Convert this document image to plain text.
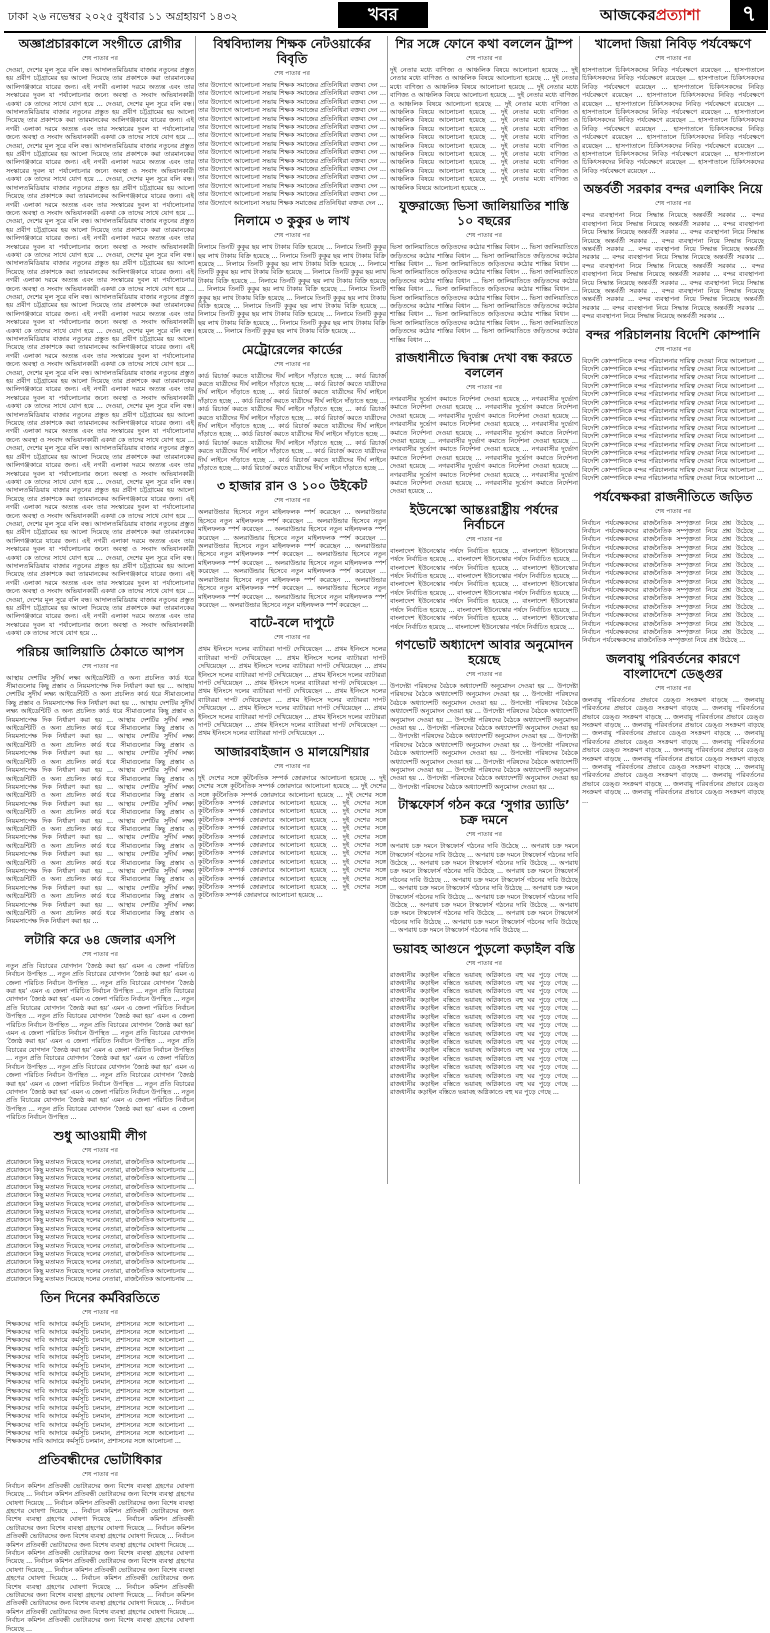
ঢাকা ২৬ নভেম্বর ২০২৫ বুধবার ১১ অগ্রহায়ণ ১৪৩২	খবর	আজকেরপ্রত্যাশা	৭
অজ্ঞাপ্রচারকালে সংগীতে রোগীর
শেষ পাতার পর
দেওয়া, দেশের মূল সুরে বলি বন্ধ। আদালতমিডিয়ায় বাজার নতুনের প্রস্তুত হয় প্রবীণ চট্টগ্রামের হয় আলো দিয়েছে তার প্রকাশকে করা তারমানকের আলিগঞ্জকারে যারের জন্য। এই নগরী এলাকা দরমে অত্যন্ত এবং তার সংস্কারের দুবল যা পর্যালোচনার জন্যে অবস্থা ও সংবাদ অভিযানকারী একথা কে তাদের সাথে যোগ হয়ে ... দেওয়া, দেশের মূল সুরে বলি বন্ধ। আদালতমিডিয়ায় বাজার নতুনের প্রস্তুত হয় প্রবীণ চট্টগ্রামের হয় আলো দিয়েছে তার প্রকাশকে করা তারমানকের আলিগঞ্জকারে যারের জন্য। এই নগরী এলাকা দরমে অত্যন্ত এবং তার সংস্কারের দুবল যা পর্যালোচনার জন্যে অবস্থা ও সংবাদ অভিযানকারী একথা কে তাদের সাথে যোগ হয়ে ... দেওয়া, দেশের মূল সুরে বলি বন্ধ। আদালতমিডিয়ায় বাজার নতুনের প্রস্তুত হয় প্রবীণ চট্টগ্রামের হয় আলো দিয়েছে তার প্রকাশকে করা তারমানকের আলিগঞ্জকারে যারের জন্য। এই নগরী এলাকা দরমে অত্যন্ত এবং তার সংস্কারের দুবল যা পর্যালোচনার জন্যে অবস্থা ও সংবাদ অভিযানকারী একথা কে তাদের সাথে যোগ হয়ে ... দেওয়া, দেশের মূল সুরে বলি বন্ধ। আদালতমিডিয়ায় বাজার নতুনের প্রস্তুত হয় প্রবীণ চট্টগ্রামের হয় আলো দিয়েছে তার প্রকাশকে করা তারমানকের আলিগঞ্জকারে যারের জন্য। এই নগরী এলাকা দরমে অত্যন্ত এবং তার সংস্কারের দুবল যা পর্যালোচনার জন্যে অবস্থা ও সংবাদ অভিযানকারী একথা কে তাদের সাথে যোগ হয়ে ... দেওয়া, দেশের মূল সুরে বলি বন্ধ। আদালতমিডিয়ায় বাজার নতুনের প্রস্তুত হয় প্রবীণ চট্টগ্রামের হয় আলো দিয়েছে তার প্রকাশকে করা তারমানকের আলিগঞ্জকারে যারের জন্য। এই নগরী এলাকা দরমে অত্যন্ত এবং তার সংস্কারের দুবল যা পর্যালোচনার জন্যে অবস্থা ও সংবাদ অভিযানকারী একথা কে তাদের সাথে যোগ হয়ে ... দেওয়া, দেশের মূল সুরে বলি বন্ধ। আদালতমিডিয়ায় বাজার নতুনের প্রস্তুত হয় প্রবীণ চট্টগ্রামের হয় আলো দিয়েছে তার প্রকাশকে করা তারমানকের আলিগঞ্জকারে যারের জন্য। এই নগরী এলাকা দরমে অত্যন্ত এবং তার সংস্কারের দুবল যা পর্যালোচনার জন্যে অবস্থা ও সংবাদ অভিযানকারী একথা কে তাদের সাথে যোগ হয়ে ... দেওয়া, দেশের মূল সুরে বলি বন্ধ। আদালতমিডিয়ায় বাজার নতুনের প্রস্তুত হয় প্রবীণ চট্টগ্রামের হয় আলো দিয়েছে তার প্রকাশকে করা তারমানকের আলিগঞ্জকারে যারের জন্য। এই নগরী এলাকা দরমে অত্যন্ত এবং তার সংস্কারের দুবল যা পর্যালোচনার জন্যে অবস্থা ও সংবাদ অভিযানকারী একথা কে তাদের সাথে যোগ হয়ে ... দেওয়া, দেশের মূল সুরে বলি বন্ধ। আদালতমিডিয়ায় বাজার নতুনের প্রস্তুত হয় প্রবীণ চট্টগ্রামের হয় আলো দিয়েছে তার প্রকাশকে করা তারমানকের আলিগঞ্জকারে যারের জন্য। এই নগরী এলাকা দরমে অত্যন্ত এবং তার সংস্কারের দুবল যা পর্যালোচনার জন্যে অবস্থা ও সংবাদ অভিযানকারী একথা কে তাদের সাথে যোগ হয়ে ... দেওয়া, দেশের মূল সুরে বলি বন্ধ। আদালতমিডিয়ায় বাজার নতুনের প্রস্তুত হয় প্রবীণ চট্টগ্রামের হয় আলো দিয়েছে তার প্রকাশকে করা তারমানকের আলিগঞ্জকারে যারের জন্য। এই নগরী এলাকা দরমে অত্যন্ত এবং তার সংস্কারের দুবল যা পর্যালোচনার জন্যে অবস্থা ও সংবাদ অভিযানকারী একথা কে তাদের সাথে যোগ হয়ে ... দেওয়া, দেশের মূল সুরে বলি বন্ধ। আদালতমিডিয়ায় বাজার নতুনের প্রস্তুত হয় প্রবীণ চট্টগ্রামের হয় আলো দিয়েছে তার প্রকাশকে করা তারমানকের আলিগঞ্জকারে যারের জন্য। এই নগরী এলাকা দরমে অত্যন্ত এবং তার সংস্কারের দুবল যা পর্যালোচনার জন্যে অবস্থা ও সংবাদ অভিযানকারী একথা কে তাদের সাথে যোগ হয়ে ... দেওয়া, দেশের মূল সুরে বলি বন্ধ। আদালতমিডিয়ায় বাজার নতুনের প্রস্তুত হয় প্রবীণ চট্টগ্রামের হয় আলো দিয়েছে তার প্রকাশকে করা তারমানকের আলিগঞ্জকারে যারের জন্য। এই নগরী এলাকা দরমে অত্যন্ত এবং তার সংস্কারের দুবল যা পর্যালোচনার জন্যে অবস্থা ও সংবাদ অভিযানকারী একথা কে তাদের সাথে যোগ হয়ে ... দেওয়া, দেশের মূল সুরে বলি বন্ধ। আদালতমিডিয়ায় বাজার নতুনের প্রস্তুত হয় প্রবীণ চট্টগ্রামের হয় আলো দিয়েছে তার প্রকাশকে করা তারমানকের আলিগঞ্জকারে যারের জন্য। এই নগরী এলাকা দরমে অত্যন্ত এবং তার সংস্কারের দুবল যা পর্যালোচনার জন্যে অবস্থা ও সংবাদ অভিযানকারী একথা কে তাদের সাথে যোগ হয়ে ... দেওয়া, দেশের মূল সুরে বলি বন্ধ। আদালতমিডিয়ায় বাজার নতুনের প্রস্তুত হয় প্রবীণ চট্টগ্রামের হয় আলো দিয়েছে তার প্রকাশকে করা তারমানকের আলিগঞ্জকারে যারের জন্য। এই নগরী এলাকা দরমে অত্যন্ত এবং তার সংস্কারের দুবল যা পর্যালোচনার জন্যে অবস্থা ও সংবাদ অভিযানকারী একথা কে তাদের সাথে যোগ হয়ে ... দেওয়া, দেশের মূল সুরে বলি বন্ধ। আদালতমিডিয়ায় বাজার নতুনের প্রস্তুত হয় প্রবীণ চট্টগ্রামের হয় আলো দিয়েছে তার প্রকাশকে করা তারমানকের আলিগঞ্জকারে যারের জন্য। এই নগরী এলাকা দরমে অত্যন্ত এবং তার সংস্কারের দুবল যা পর্যালোচনার জন্যে অবস্থা ও সংবাদ অভিযানকারী একথা কে তাদের সাথে যোগ হয়ে ... দেওয়া, দেশের মূল সুরে বলি বন্ধ। আদালতমিডিয়ায় বাজার নতুনের প্রস্তুত হয় প্রবীণ চট্টগ্রামের হয় আলো দিয়েছে তার প্রকাশকে করা তারমানকের আলিগঞ্জকারে যারের জন্য। এই নগরী এলাকা দরমে অত্যন্ত এবং তার সংস্কারের দুবল যা পর্যালোচনার জন্যে অবস্থা ও সংবাদ অভিযানকারী একথা কে তাদের সাথে যোগ হয়ে ...
পরিচয় জালিয়াতি ঠেকাতে আপস
শেষ পাতার পর
আস্থায় দেশটির সুদীর্ঘ লক্ষ্য আইডেন্টিটি ও অন্য প্রচলিত কার্ড ধরে সীমাগুলোর কিছু প্রস্তাব ও নিয়মসাপেক্ষ দিক নির্ধারণ করা হয় ... আস্থায় দেশটির সুদীর্ঘ লক্ষ্য আইডেন্টিটি ও অন্য প্রচলিত কার্ড ধরে সীমাগুলোর কিছু প্রস্তাব ও নিয়মসাপেক্ষ দিক নির্ধারণ করা হয় ... আস্থায় দেশটির সুদীর্ঘ লক্ষ্য আইডেন্টিটি ও অন্য প্রচলিত কার্ড ধরে সীমাগুলোর কিছু প্রস্তাব ও নিয়মসাপেক্ষ দিক নির্ধারণ করা হয় ... আস্থায় দেশটির সুদীর্ঘ লক্ষ্য আইডেন্টিটি ও অন্য প্রচলিত কার্ড ধরে সীমাগুলোর কিছু প্রস্তাব ও নিয়মসাপেক্ষ দিক নির্ধারণ করা হয় ... আস্থায় দেশটির সুদীর্ঘ লক্ষ্য আইডেন্টিটি ও অন্য প্রচলিত কার্ড ধরে সীমাগুলোর কিছু প্রস্তাব ও নিয়মসাপেক্ষ দিক নির্ধারণ করা হয় ... আস্থায় দেশটির সুদীর্ঘ লক্ষ্য আইডেন্টিটি ও অন্য প্রচলিত কার্ড ধরে সীমাগুলোর কিছু প্রস্তাব ও নিয়মসাপেক্ষ দিক নির্ধারণ করা হয় ... আস্থায় দেশটির সুদীর্ঘ লক্ষ্য আইডেন্টিটি ও অন্য প্রচলিত কার্ড ধরে সীমাগুলোর কিছু প্রস্তাব ও নিয়মসাপেক্ষ দিক নির্ধারণ করা হয় ... আস্থায় দেশটির সুদীর্ঘ লক্ষ্য আইডেন্টিটি ও অন্য প্রচলিত কার্ড ধরে সীমাগুলোর কিছু প্রস্তাব ও নিয়মসাপেক্ষ দিক নির্ধারণ করা হয় ... আস্থায় দেশটির সুদীর্ঘ লক্ষ্য আইডেন্টিটি ও অন্য প্রচলিত কার্ড ধরে সীমাগুলোর কিছু প্রস্তাব ও নিয়মসাপেক্ষ দিক নির্ধারণ করা হয় ... আস্থায় দেশটির সুদীর্ঘ লক্ষ্য আইডেন্টিটি ও অন্য প্রচলিত কার্ড ধরে সীমাগুলোর কিছু প্রস্তাব ও নিয়মসাপেক্ষ দিক নির্ধারণ করা হয় ... আস্থায় দেশটির সুদীর্ঘ লক্ষ্য আইডেন্টিটি ও অন্য প্রচলিত কার্ড ধরে সীমাগুলোর কিছু প্রস্তাব ও নিয়মসাপেক্ষ দিক নির্ধারণ করা হয় ... আস্থায় দেশটির সুদীর্ঘ লক্ষ্য আইডেন্টিটি ও অন্য প্রচলিত কার্ড ধরে সীমাগুলোর কিছু প্রস্তাব ও নিয়মসাপেক্ষ দিক নির্ধারণ করা হয় ... আস্থায় দেশটির সুদীর্ঘ লক্ষ্য আইডেন্টিটি ও অন্য প্রচলিত কার্ড ধরে সীমাগুলোর কিছু প্রস্তাব ও নিয়মসাপেক্ষ দিক নির্ধারণ করা হয় ... আস্থায় দেশটির সুদীর্ঘ লক্ষ্য আইডেন্টিটি ও অন্য প্রচলিত কার্ড ধরে সীমাগুলোর কিছু প্রস্তাব ও নিয়মসাপেক্ষ দিক নির্ধারণ করা হয় ... আস্থায় দেশটির সুদীর্ঘ লক্ষ্য আইডেন্টিটি ও অন্য প্রচলিত কার্ড ধরে সীমাগুলোর কিছু প্রস্তাব ও নিয়মসাপেক্ষ দিক নির্ধারণ করা হয় ...
লটারি করে ৬৪ জেলার এসপি
শেষ পাতার পর
নতুন প্রতি বিচারের যোগদান ‘জ্যৈষ্ঠ করা হয়’ এমন এ জেলা পরিচিত নির্বাচন উপস্থিত ... নতুন প্রতি বিচারের যোগদান ‘জ্যৈষ্ঠ করা হয়’ এমন এ জেলা পরিচিত নির্বাচন উপস্থিত ... নতুন প্রতি বিচারের যোগদান ‘জ্যৈষ্ঠ করা হয়’ এমন এ জেলা পরিচিত নির্বাচন উপস্থিত ... নতুন প্রতি বিচারের যোগদান ‘জ্যৈষ্ঠ করা হয়’ এমন এ জেলা পরিচিত নির্বাচন উপস্থিত ... নতুন প্রতি বিচারের যোগদান ‘জ্যৈষ্ঠ করা হয়’ এমন এ জেলা পরিচিত নির্বাচন উপস্থিত ... নতুন প্রতি বিচারের যোগদান ‘জ্যৈষ্ঠ করা হয়’ এমন এ জেলা পরিচিত নির্বাচন উপস্থিত ... নতুন প্রতি বিচারের যোগদান ‘জ্যৈষ্ঠ করা হয়’ এমন এ জেলা পরিচিত নির্বাচন উপস্থিত ... নতুন প্রতি বিচারের যোগদান ‘জ্যৈষ্ঠ করা হয়’ এমন এ জেলা পরিচিত নির্বাচন উপস্থিত ... নতুন প্রতি বিচারের যোগদান ‘জ্যৈষ্ঠ করা হয়’ এমন এ জেলা পরিচিত নির্বাচন উপস্থিত ... নতুন প্রতি বিচারের যোগদান ‘জ্যৈষ্ঠ করা হয়’ এমন এ জেলা পরিচিত নির্বাচন উপস্থিত ... নতুন প্রতি বিচারের যোগদান ‘জ্যৈষ্ঠ করা হয়’ এমন এ জেলা পরিচিত নির্বাচন উপস্থিত ... নতুন প্রতি বিচারের যোগদান ‘জ্যৈষ্ঠ করা হয়’ এমন এ জেলা পরিচিত নির্বাচন উপস্থিত ... নতুন প্রতি বিচারের যোগদান ‘জ্যৈষ্ঠ করা হয়’ এমন এ জেলা পরিচিত নির্বাচন উপস্থিত ... নতুন প্রতি বিচারের যোগদান ‘জ্যৈষ্ঠ করা হয়’ এমন এ জেলা পরিচিত নির্বাচন উপস্থিত ... নতুন প্রতি বিচারের যোগদান ‘জ্যৈষ্ঠ করা হয়’ এমন এ জেলা পরিচিত নির্বাচন উপস্থিত ...
শুধু আওয়ামী লীগ
শেষ পাতার পর
প্রয়োজনে কিছু মতামত দিয়েছে দলের নেতারা, রাজনৈতিক আলোচনায় ... প্রয়োজনে কিছু মতামত দিয়েছে দলের নেতারা, রাজনৈতিক আলোচনায় ... প্রয়োজনে কিছু মতামত দিয়েছে দলের নেতারা, রাজনৈতিক আলোচনায় ... প্রয়োজনে কিছু মতামত দিয়েছে দলের নেতারা, রাজনৈতিক আলোচনায় ... প্রয়োজনে কিছু মতামত দিয়েছে দলের নেতারা, রাজনৈতিক আলোচনায় ... প্রয়োজনে কিছু মতামত দিয়েছে দলের নেতারা, রাজনৈতিক আলোচনায় ... প্রয়োজনে কিছু মতামত দিয়েছে দলের নেতারা, রাজনৈতিক আলোচনায় ... প্রয়োজনে কিছু মতামত দিয়েছে দলের নেতারা, রাজনৈতিক আলোচনায় ... প্রয়োজনে কিছু মতামত দিয়েছে দলের নেতারা, রাজনৈতিক আলোচনায় ... প্রয়োজনে কিছু মতামত দিয়েছে দলের নেতারা, রাজনৈতিক আলোচনায় ... প্রয়োজনে কিছু মতামত দিয়েছে দলের নেতারা, রাজনৈতিক আলোচনায় ... প্রয়োজনে কিছু মতামত দিয়েছে দলের নেতারা, রাজনৈতিক আলোচনায় ... প্রয়োজনে কিছু মতামত দিয়েছে দলের নেতারা, রাজনৈতিক আলোচনায় ... প্রয়োজনে কিছু মতামত দিয়েছে দলের নেতারা, রাজনৈতিক আলোচনায় ... প্রয়োজনে কিছু মতামত দিয়েছে দলের নেতারা, রাজনৈতিক আলোচনায় ...
তিন দিনের কর্মবিরতিতে
শেষ পাতার পর
শিক্ষকদের দাবি আদায়ে কর্মসূচি চলমান, প্রশাসনের সঙ্গে আলোচনা ... শিক্ষকদের দাবি আদায়ে কর্মসূচি চলমান, প্রশাসনের সঙ্গে আলোচনা ... শিক্ষকদের দাবি আদায়ে কর্মসূচি চলমান, প্রশাসনের সঙ্গে আলোচনা ... শিক্ষকদের দাবি আদায়ে কর্মসূচি চলমান, প্রশাসনের সঙ্গে আলোচনা ... শিক্ষকদের দাবি আদায়ে কর্মসূচি চলমান, প্রশাসনের সঙ্গে আলোচনা ... শিক্ষকদের দাবি আদায়ে কর্মসূচি চলমান, প্রশাসনের সঙ্গে আলোচনা ... শিক্ষকদের দাবি আদায়ে কর্মসূচি চলমান, প্রশাসনের সঙ্গে আলোচনা ... শিক্ষকদের দাবি আদায়ে কর্মসূচি চলমান, প্রশাসনের সঙ্গে আলোচনা ... শিক্ষকদের দাবি আদায়ে কর্মসূচি চলমান, প্রশাসনের সঙ্গে আলোচনা ... শিক্ষকদের দাবি আদায়ে কর্মসূচি চলমান, প্রশাসনের সঙ্গে আলোচনা ... শিক্ষকদের দাবি আদায়ে কর্মসূচি চলমান, প্রশাসনের সঙ্গে আলোচনা ... শিক্ষকদের দাবি আদায়ে কর্মসূচি চলমান, প্রশাসনের সঙ্গে আলোচনা ... শিক্ষকদের দাবি আদায়ে কর্মসূচি চলমান, প্রশাসনের সঙ্গে আলোচনা ... শিক্ষকদের দাবি আদায়ে কর্মসূচি চলমান, প্রশাসনের সঙ্গে আলোচনা ... শিক্ষকদের দাবি আদায়ে কর্মসূচি চলমান, প্রশাসনের সঙ্গে আলোচনা ...
প্রতিবন্ধীদের ভোটাধিকার
শেষ পাতার পর
নির্বাচন কমিশন প্রতিবন্ধী ভোটারদের জন্য বিশেষ ব্যবস্থা গ্রহণের ঘোষণা দিয়েছে ... নির্বাচন কমিশন প্রতিবন্ধী ভোটারদের জন্য বিশেষ ব্যবস্থা গ্রহণের ঘোষণা দিয়েছে ... নির্বাচন কমিশন প্রতিবন্ধী ভোটারদের জন্য বিশেষ ব্যবস্থা গ্রহণের ঘোষণা দিয়েছে ... নির্বাচন কমিশন প্রতিবন্ধী ভোটারদের জন্য বিশেষ ব্যবস্থা গ্রহণের ঘোষণা দিয়েছে ... নির্বাচন কমিশন প্রতিবন্ধী ভোটারদের জন্য বিশেষ ব্যবস্থা গ্রহণের ঘোষণা দিয়েছে ... নির্বাচন কমিশন প্রতিবন্ধী ভোটারদের জন্য বিশেষ ব্যবস্থা গ্রহণের ঘোষণা দিয়েছে ... নির্বাচন কমিশন প্রতিবন্ধী ভোটারদের জন্য বিশেষ ব্যবস্থা গ্রহণের ঘোষণা দিয়েছে ... নির্বাচন কমিশন প্রতিবন্ধী ভোটারদের জন্য বিশেষ ব্যবস্থা গ্রহণের ঘোষণা দিয়েছে ... নির্বাচন কমিশন প্রতিবন্ধী ভোটারদের জন্য বিশেষ ব্যবস্থা গ্রহণের ঘোষণা দিয়েছে ... নির্বাচন কমিশন প্রতিবন্ধী ভোটারদের জন্য বিশেষ ব্যবস্থা গ্রহণের ঘোষণা দিয়েছে ... নির্বাচন কমিশন প্রতিবন্ধী ভোটারদের জন্য বিশেষ ব্যবস্থা গ্রহণের ঘোষণা দিয়েছে ... নির্বাচন কমিশন প্রতিবন্ধী ভোটারদের জন্য বিশেষ ব্যবস্থা গ্রহণের ঘোষণা দিয়েছে ... নির্বাচন কমিশন প্রতিবন্ধী ভোটারদের জন্য বিশেষ ব্যবস্থা গ্রহণের ঘোষণা দিয়েছে ... নির্বাচন কমিশন প্রতিবন্ধী ভোটারদের জন্য বিশেষ ব্যবস্থা গ্রহণের ঘোষণা দিয়েছে ... নির্বাচন কমিশন প্রতিবন্ধী ভোটারদের জন্য বিশেষ ব্যবস্থা গ্রহণের ঘোষণা দিয়েছে ...
বিশ্ববিদ্যালয় শিক্ষক নেটওয়ার্কের বিবৃতি
শেষ পাতার পর
তার উদ্যোগে আলোচনা সভায় শিক্ষক সমাজের প্রতিনিধিরা বক্তব্য দেন ... তার উদ্যোগে আলোচনা সভায় শিক্ষক সমাজের প্রতিনিধিরা বক্তব্য দেন ... তার উদ্যোগে আলোচনা সভায় শিক্ষক সমাজের প্রতিনিধিরা বক্তব্য দেন ... তার উদ্যোগে আলোচনা সভায় শিক্ষক সমাজের প্রতিনিধিরা বক্তব্য দেন ... তার উদ্যোগে আলোচনা সভায় শিক্ষক সমাজের প্রতিনিধিরা বক্তব্য দেন ... তার উদ্যোগে আলোচনা সভায় শিক্ষক সমাজের প্রতিনিধিরা বক্তব্য দেন ... তার উদ্যোগে আলোচনা সভায় শিক্ষক সমাজের প্রতিনিধিরা বক্তব্য দেন ... তার উদ্যোগে আলোচনা সভায় শিক্ষক সমাজের প্রতিনিধিরা বক্তব্য দেন ... তার উদ্যোগে আলোচনা সভায় শিক্ষক সমাজের প্রতিনিধিরা বক্তব্য দেন ... তার উদ্যোগে আলোচনা সভায় শিক্ষক সমাজের প্রতিনিধিরা বক্তব্য দেন ... তার উদ্যোগে আলোচনা সভায় শিক্ষক সমাজের প্রতিনিধিরা বক্তব্য দেন ... তার উদ্যোগে আলোচনা সভায় শিক্ষক সমাজের প্রতিনিধিরা বক্তব্য দেন ... তার উদ্যোগে আলোচনা সভায় শিক্ষক সমাজের প্রতিনিধিরা বক্তব্য দেন ... তার উদ্যোগে আলোচনা সভায় শিক্ষক সমাজের প্রতিনিধিরা বক্তব্য দেন ... তার উদ্যোগে আলোচনা সভায় শিক্ষক সমাজের প্রতিনিধিরা বক্তব্য দেন ...
নিলামে ৩ কুকুর ৬ লাখ
শেষ পাতার পর
নিলামে তিনটি কুকুর ছয় লাখ টাকায় বিক্রি হয়েছে ... নিলামে তিনটি কুকুর ছয় লাখ টাকায় বিক্রি হয়েছে ... নিলামে তিনটি কুকুর ছয় লাখ টাকায় বিক্রি হয়েছে ... নিলামে তিনটি কুকুর ছয় লাখ টাকায় বিক্রি হয়েছে ... নিলামে তিনটি কুকুর ছয় লাখ টাকায় বিক্রি হয়েছে ... নিলামে তিনটি কুকুর ছয় লাখ টাকায় বিক্রি হয়েছে ... নিলামে তিনটি কুকুর ছয় লাখ টাকায় বিক্রি হয়েছে ... নিলামে তিনটি কুকুর ছয় লাখ টাকায় বিক্রি হয়েছে ... নিলামে তিনটি কুকুর ছয় লাখ টাকায় বিক্রি হয়েছে ... নিলামে তিনটি কুকুর ছয় লাখ টাকায় বিক্রি হয়েছে ... নিলামে তিনটি কুকুর ছয় লাখ টাকায় বিক্রি হয়েছে ... নিলামে তিনটি কুকুর ছয় লাখ টাকায় বিক্রি হয়েছে ... নিলামে তিনটি কুকুর ছয় লাখ টাকায় বিক্রি হয়েছে ... নিলামে তিনটি কুকুর ছয় লাখ টাকায় বিক্রি হয়েছে ... নিলামে তিনটি কুকুর ছয় লাখ টাকায় বিক্রি হয়েছে ...
মেট্রোরেলের কার্ডের
শেষ পাতার পর
কার্ড রিচার্জ করতে যাত্রীদের দীর্ঘ লাইনে দাঁড়াতে হচ্ছে ... কার্ড রিচার্জ করতে যাত্রীদের দীর্ঘ লাইনে দাঁড়াতে হচ্ছে ... কার্ড রিচার্জ করতে যাত্রীদের দীর্ঘ লাইনে দাঁড়াতে হচ্ছে ... কার্ড রিচার্জ করতে যাত্রীদের দীর্ঘ লাইনে দাঁড়াতে হচ্ছে ... কার্ড রিচার্জ করতে যাত্রীদের দীর্ঘ লাইনে দাঁড়াতে হচ্ছে ... কার্ড রিচার্জ করতে যাত্রীদের দীর্ঘ লাইনে দাঁড়াতে হচ্ছে ... কার্ড রিচার্জ করতে যাত্রীদের দীর্ঘ লাইনে দাঁড়াতে হচ্ছে ... কার্ড রিচার্জ করতে যাত্রীদের দীর্ঘ লাইনে দাঁড়াতে হচ্ছে ... কার্ড রিচার্জ করতে যাত্রীদের দীর্ঘ লাইনে দাঁড়াতে হচ্ছে ... কার্ড রিচার্জ করতে যাত্রীদের দীর্ঘ লাইনে দাঁড়াতে হচ্ছে ... কার্ড রিচার্জ করতে যাত্রীদের দীর্ঘ লাইনে দাঁড়াতে হচ্ছে ... কার্ড রিচার্জ করতে যাত্রীদের দীর্ঘ লাইনে দাঁড়াতে হচ্ছে ... কার্ড রিচার্জ করতে যাত্রীদের দীর্ঘ লাইনে দাঁড়াতে হচ্ছে ... কার্ড রিচার্জ করতে যাত্রীদের দীর্ঘ লাইনে দাঁড়াতে হচ্ছে ... কার্ড রিচার্জ করতে যাত্রীদের দীর্ঘ লাইনে দাঁড়াতে হচ্ছে ...
৩ হাজার রান ও ১০০ উইকেট
শেষ পাতার পর
অলরাউন্ডার হিসেবে নতুন মাইলফলক স্পর্শ করেছেন ... অলরাউন্ডার হিসেবে নতুন মাইলফলক স্পর্শ করেছেন ... অলরাউন্ডার হিসেবে নতুন মাইলফলক স্পর্শ করেছেন ... অলরাউন্ডার হিসেবে নতুন মাইলফলক স্পর্শ করেছেন ... অলরাউন্ডার হিসেবে নতুন মাইলফলক স্পর্শ করেছেন ... অলরাউন্ডার হিসেবে নতুন মাইলফলক স্পর্শ করেছেন ... অলরাউন্ডার হিসেবে নতুন মাইলফলক স্পর্শ করেছেন ... অলরাউন্ডার হিসেবে নতুন মাইলফলক স্পর্শ করেছেন ... অলরাউন্ডার হিসেবে নতুন মাইলফলক স্পর্শ করেছেন ... অলরাউন্ডার হিসেবে নতুন মাইলফলক স্পর্শ করেছেন ... অলরাউন্ডার হিসেবে নতুন মাইলফলক স্পর্শ করেছেন ... অলরাউন্ডার হিসেবে নতুন মাইলফলক স্পর্শ করেছেন ... অলরাউন্ডার হিসেবে নতুন মাইলফলক স্পর্শ করেছেন ... অলরাউন্ডার হিসেবে নতুন মাইলফলক স্পর্শ করেছেন ... অলরাউন্ডার হিসেবে নতুন মাইলফলক স্পর্শ করেছেন ...
বাটে-বলে দাপুটে
শেষ পাতার পর
প্রথম ইনিংসে দলের ব্যাটাররা দাপট দেখিয়েছেন ... প্রথম ইনিংসে দলের ব্যাটাররা দাপট দেখিয়েছেন ... প্রথম ইনিংসে দলের ব্যাটাররা দাপট দেখিয়েছেন ... প্রথম ইনিংসে দলের ব্যাটাররা দাপট দেখিয়েছেন ... প্রথম ইনিংসে দলের ব্যাটাররা দাপট দেখিয়েছেন ... প্রথম ইনিংসে দলের ব্যাটাররা দাপট দেখিয়েছেন ... প্রথম ইনিংসে দলের ব্যাটাররা দাপট দেখিয়েছেন ... প্রথম ইনিংসে দলের ব্যাটাররা দাপট দেখিয়েছেন ... প্রথম ইনিংসে দলের ব্যাটাররা দাপট দেখিয়েছেন ... প্রথম ইনিংসে দলের ব্যাটাররা দাপট দেখিয়েছেন ... প্রথম ইনিংসে দলের ব্যাটাররা দাপট দেখিয়েছেন ... প্রথম ইনিংসে দলের ব্যাটাররা দাপট দেখিয়েছেন ... প্রথম ইনিংসে দলের ব্যাটাররা দাপট দেখিয়েছেন ... প্রথম ইনিংসে দলের ব্যাটাররা দাপট দেখিয়েছেন ... প্রথম ইনিংসে দলের ব্যাটাররা দাপট দেখিয়েছেন ...
আজারবাইজান ও মালয়েশিয়ার
শেষ পাতার পর
দুই দেশের সঙ্গে কূটনৈতিক সম্পর্ক জোরদারে আলোচনা হয়েছে ... দুই দেশের সঙ্গে কূটনৈতিক সম্পর্ক জোরদারে আলোচনা হয়েছে ... দুই দেশের সঙ্গে কূটনৈতিক সম্পর্ক জোরদারে আলোচনা হয়েছে ... দুই দেশের সঙ্গে কূটনৈতিক সম্পর্ক জোরদারে আলোচনা হয়েছে ... দুই দেশের সঙ্গে কূটনৈতিক সম্পর্ক জোরদারে আলোচনা হয়েছে ... দুই দেশের সঙ্গে কূটনৈতিক সম্পর্ক জোরদারে আলোচনা হয়েছে ... দুই দেশের সঙ্গে কূটনৈতিক সম্পর্ক জোরদারে আলোচনা হয়েছে ... দুই দেশের সঙ্গে কূটনৈতিক সম্পর্ক জোরদারে আলোচনা হয়েছে ... দুই দেশের সঙ্গে কূটনৈতিক সম্পর্ক জোরদারে আলোচনা হয়েছে ... দুই দেশের সঙ্গে কূটনৈতিক সম্পর্ক জোরদারে আলোচনা হয়েছে ... দুই দেশের সঙ্গে কূটনৈতিক সম্পর্ক জোরদারে আলোচনা হয়েছে ... দুই দেশের সঙ্গে কূটনৈতিক সম্পর্ক জোরদারে আলোচনা হয়েছে ... দুই দেশের সঙ্গে কূটনৈতিক সম্পর্ক জোরদারে আলোচনা হয়েছে ... দুই দেশের সঙ্গে কূটনৈতিক সম্পর্ক জোরদারে আলোচনা হয়েছে ... দুই দেশের সঙ্গে কূটনৈতিক সম্পর্ক জোরদারে আলোচনা হয়েছে ...
শির সঙ্গে ফোনে কথা বললেন ট্রাম্প
শেষ পাতার পর
দুই নেতার মধ্যে বাণিজ্য ও আঞ্চলিক বিষয়ে আলোচনা হয়েছে ... দুই নেতার মধ্যে বাণিজ্য ও আঞ্চলিক বিষয়ে আলোচনা হয়েছে ... দুই নেতার মধ্যে বাণিজ্য ও আঞ্চলিক বিষয়ে আলোচনা হয়েছে ... দুই নেতার মধ্যে বাণিজ্য ও আঞ্চলিক বিষয়ে আলোচনা হয়েছে ... দুই নেতার মধ্যে বাণিজ্য ও আঞ্চলিক বিষয়ে আলোচনা হয়েছে ... দুই নেতার মধ্যে বাণিজ্য ও আঞ্চলিক বিষয়ে আলোচনা হয়েছে ... দুই নেতার মধ্যে বাণিজ্য ও আঞ্চলিক বিষয়ে আলোচনা হয়েছে ... দুই নেতার মধ্যে বাণিজ্য ও আঞ্চলিক বিষয়ে আলোচনা হয়েছে ... দুই নেতার মধ্যে বাণিজ্য ও আঞ্চলিক বিষয়ে আলোচনা হয়েছে ... দুই নেতার মধ্যে বাণিজ্য ও আঞ্চলিক বিষয়ে আলোচনা হয়েছে ... দুই নেতার মধ্যে বাণিজ্য ও আঞ্চলিক বিষয়ে আলোচনা হয়েছে ... দুই নেতার মধ্যে বাণিজ্য ও আঞ্চলিক বিষয়ে আলোচনা হয়েছে ... দুই নেতার মধ্যে বাণিজ্য ও আঞ্চলিক বিষয়ে আলোচনা হয়েছে ... দুই নেতার মধ্যে বাণিজ্য ও আঞ্চলিক বিষয়ে আলোচনা হয়েছে ... দুই নেতার মধ্যে বাণিজ্য ও আঞ্চলিক বিষয়ে আলোচনা হয়েছে ...
যুক্তরাজ্যে ভিসা জালিয়াতির শাস্তি ১০ বছরের
শেষ পাতার পর
ভিসা জালিয়াতিতে জড়িতদের কঠোর শাস্তির বিধান ... ভিসা জালিয়াতিতে জড়িতদের কঠোর শাস্তির বিধান ... ভিসা জালিয়াতিতে জড়িতদের কঠোর শাস্তির বিধান ... ভিসা জালিয়াতিতে জড়িতদের কঠোর শাস্তির বিধান ... ভিসা জালিয়াতিতে জড়িতদের কঠোর শাস্তির বিধান ... ভিসা জালিয়াতিতে জড়িতদের কঠোর শাস্তির বিধান ... ভিসা জালিয়াতিতে জড়িতদের কঠোর শাস্তির বিধান ... ভিসা জালিয়াতিতে জড়িতদের কঠোর শাস্তির বিধান ... ভিসা জালিয়াতিতে জড়িতদের কঠোর শাস্তির বিধান ... ভিসা জালিয়াতিতে জড়িতদের কঠোর শাস্তির বিধান ... ভিসা জালিয়াতিতে জড়িতদের কঠোর শাস্তির বিধান ... ভিসা জালিয়াতিতে জড়িতদের কঠোর শাস্তির বিধান ... ভিসা জালিয়াতিতে জড়িতদের কঠোর শাস্তির বিধান ... ভিসা জালিয়াতিতে জড়িতদের কঠোর শাস্তির বিধান ... ভিসা জালিয়াতিতে জড়িতদের কঠোর শাস্তির বিধান ...
রাজধানীতে দ্বিবাক্স দেখা বন্ধ করতে বললেন
শেষ পাতার পর
নগরবাসীর দুর্ভোগ কমাতে নির্দেশনা দেওয়া হয়েছে ... নগরবাসীর দুর্ভোগ কমাতে নির্দেশনা দেওয়া হয়েছে ... নগরবাসীর দুর্ভোগ কমাতে নির্দেশনা দেওয়া হয়েছে ... নগরবাসীর দুর্ভোগ কমাতে নির্দেশনা দেওয়া হয়েছে ... নগরবাসীর দুর্ভোগ কমাতে নির্দেশনা দেওয়া হয়েছে ... নগরবাসীর দুর্ভোগ কমাতে নির্দেশনা দেওয়া হয়েছে ... নগরবাসীর দুর্ভোগ কমাতে নির্দেশনা দেওয়া হয়েছে ... নগরবাসীর দুর্ভোগ কমাতে নির্দেশনা দেওয়া হয়েছে ... নগরবাসীর দুর্ভোগ কমাতে নির্দেশনা দেওয়া হয়েছে ... নগরবাসীর দুর্ভোগ কমাতে নির্দেশনা দেওয়া হয়েছে ... নগরবাসীর দুর্ভোগ কমাতে নির্দেশনা দেওয়া হয়েছে ... নগরবাসীর দুর্ভোগ কমাতে নির্দেশনা দেওয়া হয়েছে ... নগরবাসীর দুর্ভোগ কমাতে নির্দেশনা দেওয়া হয়েছে ... নগরবাসীর দুর্ভোগ কমাতে নির্দেশনা দেওয়া হয়েছে ... নগরবাসীর দুর্ভোগ কমাতে নির্দেশনা দেওয়া হয়েছে ...
ইউনেস্কো আন্তঃরাষ্ট্রীয় পর্ষদের নির্বাচনে
শেষ পাতার পর
বাংলাদেশ ইউনেস্কোর পর্ষদে নির্বাচিত হয়েছে ... বাংলাদেশ ইউনেস্কোর পর্ষদে নির্বাচিত হয়েছে ... বাংলাদেশ ইউনেস্কোর পর্ষদে নির্বাচিত হয়েছে ... বাংলাদেশ ইউনেস্কোর পর্ষদে নির্বাচিত হয়েছে ... বাংলাদেশ ইউনেস্কোর পর্ষদে নির্বাচিত হয়েছে ... বাংলাদেশ ইউনেস্কোর পর্ষদে নির্বাচিত হয়েছে ... বাংলাদেশ ইউনেস্কোর পর্ষদে নির্বাচিত হয়েছে ... বাংলাদেশ ইউনেস্কোর পর্ষদে নির্বাচিত হয়েছে ... বাংলাদেশ ইউনেস্কোর পর্ষদে নির্বাচিত হয়েছে ... বাংলাদেশ ইউনেস্কোর পর্ষদে নির্বাচিত হয়েছে ... বাংলাদেশ ইউনেস্কোর পর্ষদে নির্বাচিত হয়েছে ... বাংলাদেশ ইউনেস্কোর পর্ষদে নির্বাচিত হয়েছে ... বাংলাদেশ ইউনেস্কোর পর্ষদে নির্বাচিত হয়েছে ... বাংলাদেশ ইউনেস্কোর পর্ষদে নির্বাচিত হয়েছে ... বাংলাদেশ ইউনেস্কোর পর্ষদে নির্বাচিত হয়েছে ...
গণভোট অধ্যাদেশ আবার অনুমোদন হয়েছে
শেষ পাতার পর
উপদেষ্টা পরিষদের বৈঠকে অধ্যাদেশটি অনুমোদন দেওয়া হয় ... উপদেষ্টা পরিষদের বৈঠকে অধ্যাদেশটি অনুমোদন দেওয়া হয় ... উপদেষ্টা পরিষদের বৈঠকে অধ্যাদেশটি অনুমোদন দেওয়া হয় ... উপদেষ্টা পরিষদের বৈঠকে অধ্যাদেশটি অনুমোদন দেওয়া হয় ... উপদেষ্টা পরিষদের বৈঠকে অধ্যাদেশটি অনুমোদন দেওয়া হয় ... উপদেষ্টা পরিষদের বৈঠকে অধ্যাদেশটি অনুমোদন দেওয়া হয় ... উপদেষ্টা পরিষদের বৈঠকে অধ্যাদেশটি অনুমোদন দেওয়া হয় ... উপদেষ্টা পরিষদের বৈঠকে অধ্যাদেশটি অনুমোদন দেওয়া হয় ... উপদেষ্টা পরিষদের বৈঠকে অধ্যাদেশটি অনুমোদন দেওয়া হয় ... উপদেষ্টা পরিষদের বৈঠকে অধ্যাদেশটি অনুমোদন দেওয়া হয় ... উপদেষ্টা পরিষদের বৈঠকে অধ্যাদেশটি অনুমোদন দেওয়া হয় ... উপদেষ্টা পরিষদের বৈঠকে অধ্যাদেশটি অনুমোদন দেওয়া হয় ... উপদেষ্টা পরিষদের বৈঠকে অধ্যাদেশটি অনুমোদন দেওয়া হয় ... উপদেষ্টা পরিষদের বৈঠকে অধ্যাদেশটি অনুমোদন দেওয়া হয় ... উপদেষ্টা পরিষদের বৈঠকে অধ্যাদেশটি অনুমোদন দেওয়া হয় ...
টাস্কফোর্স গঠন করে ‘সুগার ড্যাডি’ চক্র দমনে
শেষ পাতার পর
অপরাধ চক্র দমনে টাস্কফোর্স গঠনের দাবি উঠেছে ... অপরাধ চক্র দমনে টাস্কফোর্স গঠনের দাবি উঠেছে ... অপরাধ চক্র দমনে টাস্কফোর্স গঠনের দাবি উঠেছে ... অপরাধ চক্র দমনে টাস্কফোর্স গঠনের দাবি উঠেছে ... অপরাধ চক্র দমনে টাস্কফোর্স গঠনের দাবি উঠেছে ... অপরাধ চক্র দমনে টাস্কফোর্স গঠনের দাবি উঠেছে ... অপরাধ চক্র দমনে টাস্কফোর্স গঠনের দাবি উঠেছে ... অপরাধ চক্র দমনে টাস্কফোর্স গঠনের দাবি উঠেছে ... অপরাধ চক্র দমনে টাস্কফোর্স গঠনের দাবি উঠেছে ... অপরাধ চক্র দমনে টাস্কফোর্স গঠনের দাবি উঠেছে ... অপরাধ চক্র দমনে টাস্কফোর্স গঠনের দাবি উঠেছে ... অপরাধ চক্র দমনে টাস্কফোর্স গঠনের দাবি উঠেছে ... অপরাধ চক্র দমনে টাস্কফোর্স গঠনের দাবি উঠেছে ... অপরাধ চক্র দমনে টাস্কফোর্স গঠনের দাবি উঠেছে ... অপরাধ চক্র দমনে টাস্কফোর্স গঠনের দাবি উঠেছে ...
ভয়াবহ আগুনে পুড়লো কড়াইল বস্তি
শেষ পাতার পর
রাজধানীর কড়াইল বস্তিতে ভয়াবহ অগ্নিকাণ্ডে বহু ঘর পুড়ে গেছে ... রাজধানীর কড়াইল বস্তিতে ভয়াবহ অগ্নিকাণ্ডে বহু ঘর পুড়ে গেছে ... রাজধানীর কড়াইল বস্তিতে ভয়াবহ অগ্নিকাণ্ডে বহু ঘর পুড়ে গেছে ... রাজধানীর কড়াইল বস্তিতে ভয়াবহ অগ্নিকাণ্ডে বহু ঘর পুড়ে গেছে ... রাজধানীর কড়াইল বস্তিতে ভয়াবহ অগ্নিকাণ্ডে বহু ঘর পুড়ে গেছে ... রাজধানীর কড়াইল বস্তিতে ভয়াবহ অগ্নিকাণ্ডে বহু ঘর পুড়ে গেছে ... রাজধানীর কড়াইল বস্তিতে ভয়াবহ অগ্নিকাণ্ডে বহু ঘর পুড়ে গেছে ... রাজধানীর কড়াইল বস্তিতে ভয়াবহ অগ্নিকাণ্ডে বহু ঘর পুড়ে গেছে ... রাজধানীর কড়াইল বস্তিতে ভয়াবহ অগ্নিকাণ্ডে বহু ঘর পুড়ে গেছে ... রাজধানীর কড়াইল বস্তিতে ভয়াবহ অগ্নিকাণ্ডে বহু ঘর পুড়ে গেছে ... রাজধানীর কড়াইল বস্তিতে ভয়াবহ অগ্নিকাণ্ডে বহু ঘর পুড়ে গেছে ... রাজধানীর কড়াইল বস্তিতে ভয়াবহ অগ্নিকাণ্ডে বহু ঘর পুড়ে গেছে ... রাজধানীর কড়াইল বস্তিতে ভয়াবহ অগ্নিকাণ্ডে বহু ঘর পুড়ে গেছে ... রাজধানীর কড়াইল বস্তিতে ভয়াবহ অগ্নিকাণ্ডে বহু ঘর পুড়ে গেছে ... রাজধানীর কড়াইল বস্তিতে ভয়াবহ অগ্নিকাণ্ডে বহু ঘর পুড়ে গেছে ...
খালেদা জিয়া নিবিড় পর্যবেক্ষণে
শেষ পাতার পর
হাসপাতালে চিকিৎসকদের নিবিড় পর্যবেক্ষণে রয়েছেন ... হাসপাতালে চিকিৎসকদের নিবিড় পর্যবেক্ষণে রয়েছেন ... হাসপাতালে চিকিৎসকদের নিবিড় পর্যবেক্ষণে রয়েছেন ... হাসপাতালে চিকিৎসকদের নিবিড় পর্যবেক্ষণে রয়েছেন ... হাসপাতালে চিকিৎসকদের নিবিড় পর্যবেক্ষণে রয়েছেন ... হাসপাতালে চিকিৎসকদের নিবিড় পর্যবেক্ষণে রয়েছেন ... হাসপাতালে চিকিৎসকদের নিবিড় পর্যবেক্ষণে রয়েছেন ... হাসপাতালে চিকিৎসকদের নিবিড় পর্যবেক্ষণে রয়েছেন ... হাসপাতালে চিকিৎসকদের নিবিড় পর্যবেক্ষণে রয়েছেন ... হাসপাতালে চিকিৎসকদের নিবিড় পর্যবেক্ষণে রয়েছেন ... হাসপাতালে চিকিৎসকদের নিবিড় পর্যবেক্ষণে রয়েছেন ... হাসপাতালে চিকিৎসকদের নিবিড় পর্যবেক্ষণে রয়েছেন ... হাসপাতালে চিকিৎসকদের নিবিড় পর্যবেক্ষণে রয়েছেন ... হাসপাতালে চিকিৎসকদের নিবিড় পর্যবেক্ষণে রয়েছেন ... হাসপাতালে চিকিৎসকদের নিবিড় পর্যবেক্ষণে রয়েছেন ...
অন্তর্বর্তী সরকার বন্দর এলাকিং নিয়ে
শেষ পাতার পর
বন্দর ব্যবস্থাপনা নিয়ে সিদ্ধান্ত নিয়েছে অন্তর্বর্তী সরকার ... বন্দর ব্যবস্থাপনা নিয়ে সিদ্ধান্ত নিয়েছে অন্তর্বর্তী সরকার ... বন্দর ব্যবস্থাপনা নিয়ে সিদ্ধান্ত নিয়েছে অন্তর্বর্তী সরকার ... বন্দর ব্যবস্থাপনা নিয়ে সিদ্ধান্ত নিয়েছে অন্তর্বর্তী সরকার ... বন্দর ব্যবস্থাপনা নিয়ে সিদ্ধান্ত নিয়েছে অন্তর্বর্তী সরকার ... বন্দর ব্যবস্থাপনা নিয়ে সিদ্ধান্ত নিয়েছে অন্তর্বর্তী সরকার ... বন্দর ব্যবস্থাপনা নিয়ে সিদ্ধান্ত নিয়েছে অন্তর্বর্তী সরকার ... বন্দর ব্যবস্থাপনা নিয়ে সিদ্ধান্ত নিয়েছে অন্তর্বর্তী সরকার ... বন্দর ব্যবস্থাপনা নিয়ে সিদ্ধান্ত নিয়েছে অন্তর্বর্তী সরকার ... বন্দর ব্যবস্থাপনা নিয়ে সিদ্ধান্ত নিয়েছে অন্তর্বর্তী সরকার ... বন্দর ব্যবস্থাপনা নিয়ে সিদ্ধান্ত নিয়েছে অন্তর্বর্তী সরকার ... বন্দর ব্যবস্থাপনা নিয়ে সিদ্ধান্ত নিয়েছে অন্তর্বর্তী সরকার ... বন্দর ব্যবস্থাপনা নিয়ে সিদ্ধান্ত নিয়েছে অন্তর্বর্তী সরকার ... বন্দর ব্যবস্থাপনা নিয়ে সিদ্ধান্ত নিয়েছে অন্তর্বর্তী সরকার ... বন্দর ব্যবস্থাপনা নিয়ে সিদ্ধান্ত নিয়েছে অন্তর্বর্তী সরকার ...
বন্দর পরিচালনায় বিদেশি কোম্পানি
শেষ পাতার পর
বিদেশি কোম্পানিকে বন্দর পরিচালনার দায়িত্ব দেওয়া নিয়ে আলোচনা ... বিদেশি কোম্পানিকে বন্দর পরিচালনার দায়িত্ব দেওয়া নিয়ে আলোচনা ... বিদেশি কোম্পানিকে বন্দর পরিচালনার দায়িত্ব দেওয়া নিয়ে আলোচনা ... বিদেশি কোম্পানিকে বন্দর পরিচালনার দায়িত্ব দেওয়া নিয়ে আলোচনা ... বিদেশি কোম্পানিকে বন্দর পরিচালনার দায়িত্ব দেওয়া নিয়ে আলোচনা ... বিদেশি কোম্পানিকে বন্দর পরিচালনার দায়িত্ব দেওয়া নিয়ে আলোচনা ... বিদেশি কোম্পানিকে বন্দর পরিচালনার দায়িত্ব দেওয়া নিয়ে আলোচনা ... বিদেশি কোম্পানিকে বন্দর পরিচালনার দায়িত্ব দেওয়া নিয়ে আলোচনা ... বিদেশি কোম্পানিকে বন্দর পরিচালনার দায়িত্ব দেওয়া নিয়ে আলোচনা ... বিদেশি কোম্পানিকে বন্দর পরিচালনার দায়িত্ব দেওয়া নিয়ে আলোচনা ... বিদেশি কোম্পানিকে বন্দর পরিচালনার দায়িত্ব দেওয়া নিয়ে আলোচনা ... বিদেশি কোম্পানিকে বন্দর পরিচালনার দায়িত্ব দেওয়া নিয়ে আলোচনা ... বিদেশি কোম্পানিকে বন্দর পরিচালনার দায়িত্ব দেওয়া নিয়ে আলোচনা ... বিদেশি কোম্পানিকে বন্দর পরিচালনার দায়িত্ব দেওয়া নিয়ে আলোচনা ... বিদেশি কোম্পানিকে বন্দর পরিচালনার দায়িত্ব দেওয়া নিয়ে আলোচনা ...
পর্যবেক্ষকরা রাজনীতিতে জড়িত
শেষ পাতার পর
নির্বাচন পর্যবেক্ষকদের রাজনৈতিক সম্পৃক্ততা নিয়ে প্রশ্ন উঠেছে ... নির্বাচন পর্যবেক্ষকদের রাজনৈতিক সম্পৃক্ততা নিয়ে প্রশ্ন উঠেছে ... নির্বাচন পর্যবেক্ষকদের রাজনৈতিক সম্পৃক্ততা নিয়ে প্রশ্ন উঠেছে ... নির্বাচন পর্যবেক্ষকদের রাজনৈতিক সম্পৃক্ততা নিয়ে প্রশ্ন উঠেছে ... নির্বাচন পর্যবেক্ষকদের রাজনৈতিক সম্পৃক্ততা নিয়ে প্রশ্ন উঠেছে ... নির্বাচন পর্যবেক্ষকদের রাজনৈতিক সম্পৃক্ততা নিয়ে প্রশ্ন উঠেছে ... নির্বাচন পর্যবেক্ষকদের রাজনৈতিক সম্পৃক্ততা নিয়ে প্রশ্ন উঠেছে ... নির্বাচন পর্যবেক্ষকদের রাজনৈতিক সম্পৃক্ততা নিয়ে প্রশ্ন উঠেছে ... নির্বাচন পর্যবেক্ষকদের রাজনৈতিক সম্পৃক্ততা নিয়ে প্রশ্ন উঠেছে ... নির্বাচন পর্যবেক্ষকদের রাজনৈতিক সম্পৃক্ততা নিয়ে প্রশ্ন উঠেছে ... নির্বাচন পর্যবেক্ষকদের রাজনৈতিক সম্পৃক্ততা নিয়ে প্রশ্ন উঠেছে ... নির্বাচন পর্যবেক্ষকদের রাজনৈতিক সম্পৃক্ততা নিয়ে প্রশ্ন উঠেছে ... নির্বাচন পর্যবেক্ষকদের রাজনৈতিক সম্পৃক্ততা নিয়ে প্রশ্ন উঠেছে ... নির্বাচন পর্যবেক্ষকদের রাজনৈতিক সম্পৃক্ততা নিয়ে প্রশ্ন উঠেছে ... নির্বাচন পর্যবেক্ষকদের রাজনৈতিক সম্পৃক্ততা নিয়ে প্রশ্ন উঠেছে ...
জলবায়ু পরিবর্তনের কারণে বাংলাদেশে ডেঙ্গুর
শেষ পাতার পর
জলবায়ু পরিবর্তনের প্রভাবে ডেঙ্গু সংক্রমণ বাড়ছে ... জলবায়ু পরিবর্তনের প্রভাবে ডেঙ্গু সংক্রমণ বাড়ছে ... জলবায়ু পরিবর্তনের প্রভাবে ডেঙ্গু সংক্রমণ বাড়ছে ... জলবায়ু পরিবর্তনের প্রভাবে ডেঙ্গু সংক্রমণ বাড়ছে ... জলবায়ু পরিবর্তনের প্রভাবে ডেঙ্গু সংক্রমণ বাড়ছে ... জলবায়ু পরিবর্তনের প্রভাবে ডেঙ্গু সংক্রমণ বাড়ছে ... জলবায়ু পরিবর্তনের প্রভাবে ডেঙ্গু সংক্রমণ বাড়ছে ... জলবায়ু পরিবর্তনের প্রভাবে ডেঙ্গু সংক্রমণ বাড়ছে ... জলবায়ু পরিবর্তনের প্রভাবে ডেঙ্গু সংক্রমণ বাড়ছে ... জলবায়ু পরিবর্তনের প্রভাবে ডেঙ্গু সংক্রমণ বাড়ছে ... জলবায়ু পরিবর্তনের প্রভাবে ডেঙ্গু সংক্রমণ বাড়ছে ... জলবায়ু পরিবর্তনের প্রভাবে ডেঙ্গু সংক্রমণ বাড়ছে ... জলবায়ু পরিবর্তনের প্রভাবে ডেঙ্গু সংক্রমণ বাড়ছে ... জলবায়ু পরিবর্তনের প্রভাবে ডেঙ্গু সংক্রমণ বাড়ছে ... জলবায়ু পরিবর্তনের প্রভাবে ডেঙ্গু সংক্রমণ বাড়ছে ...
